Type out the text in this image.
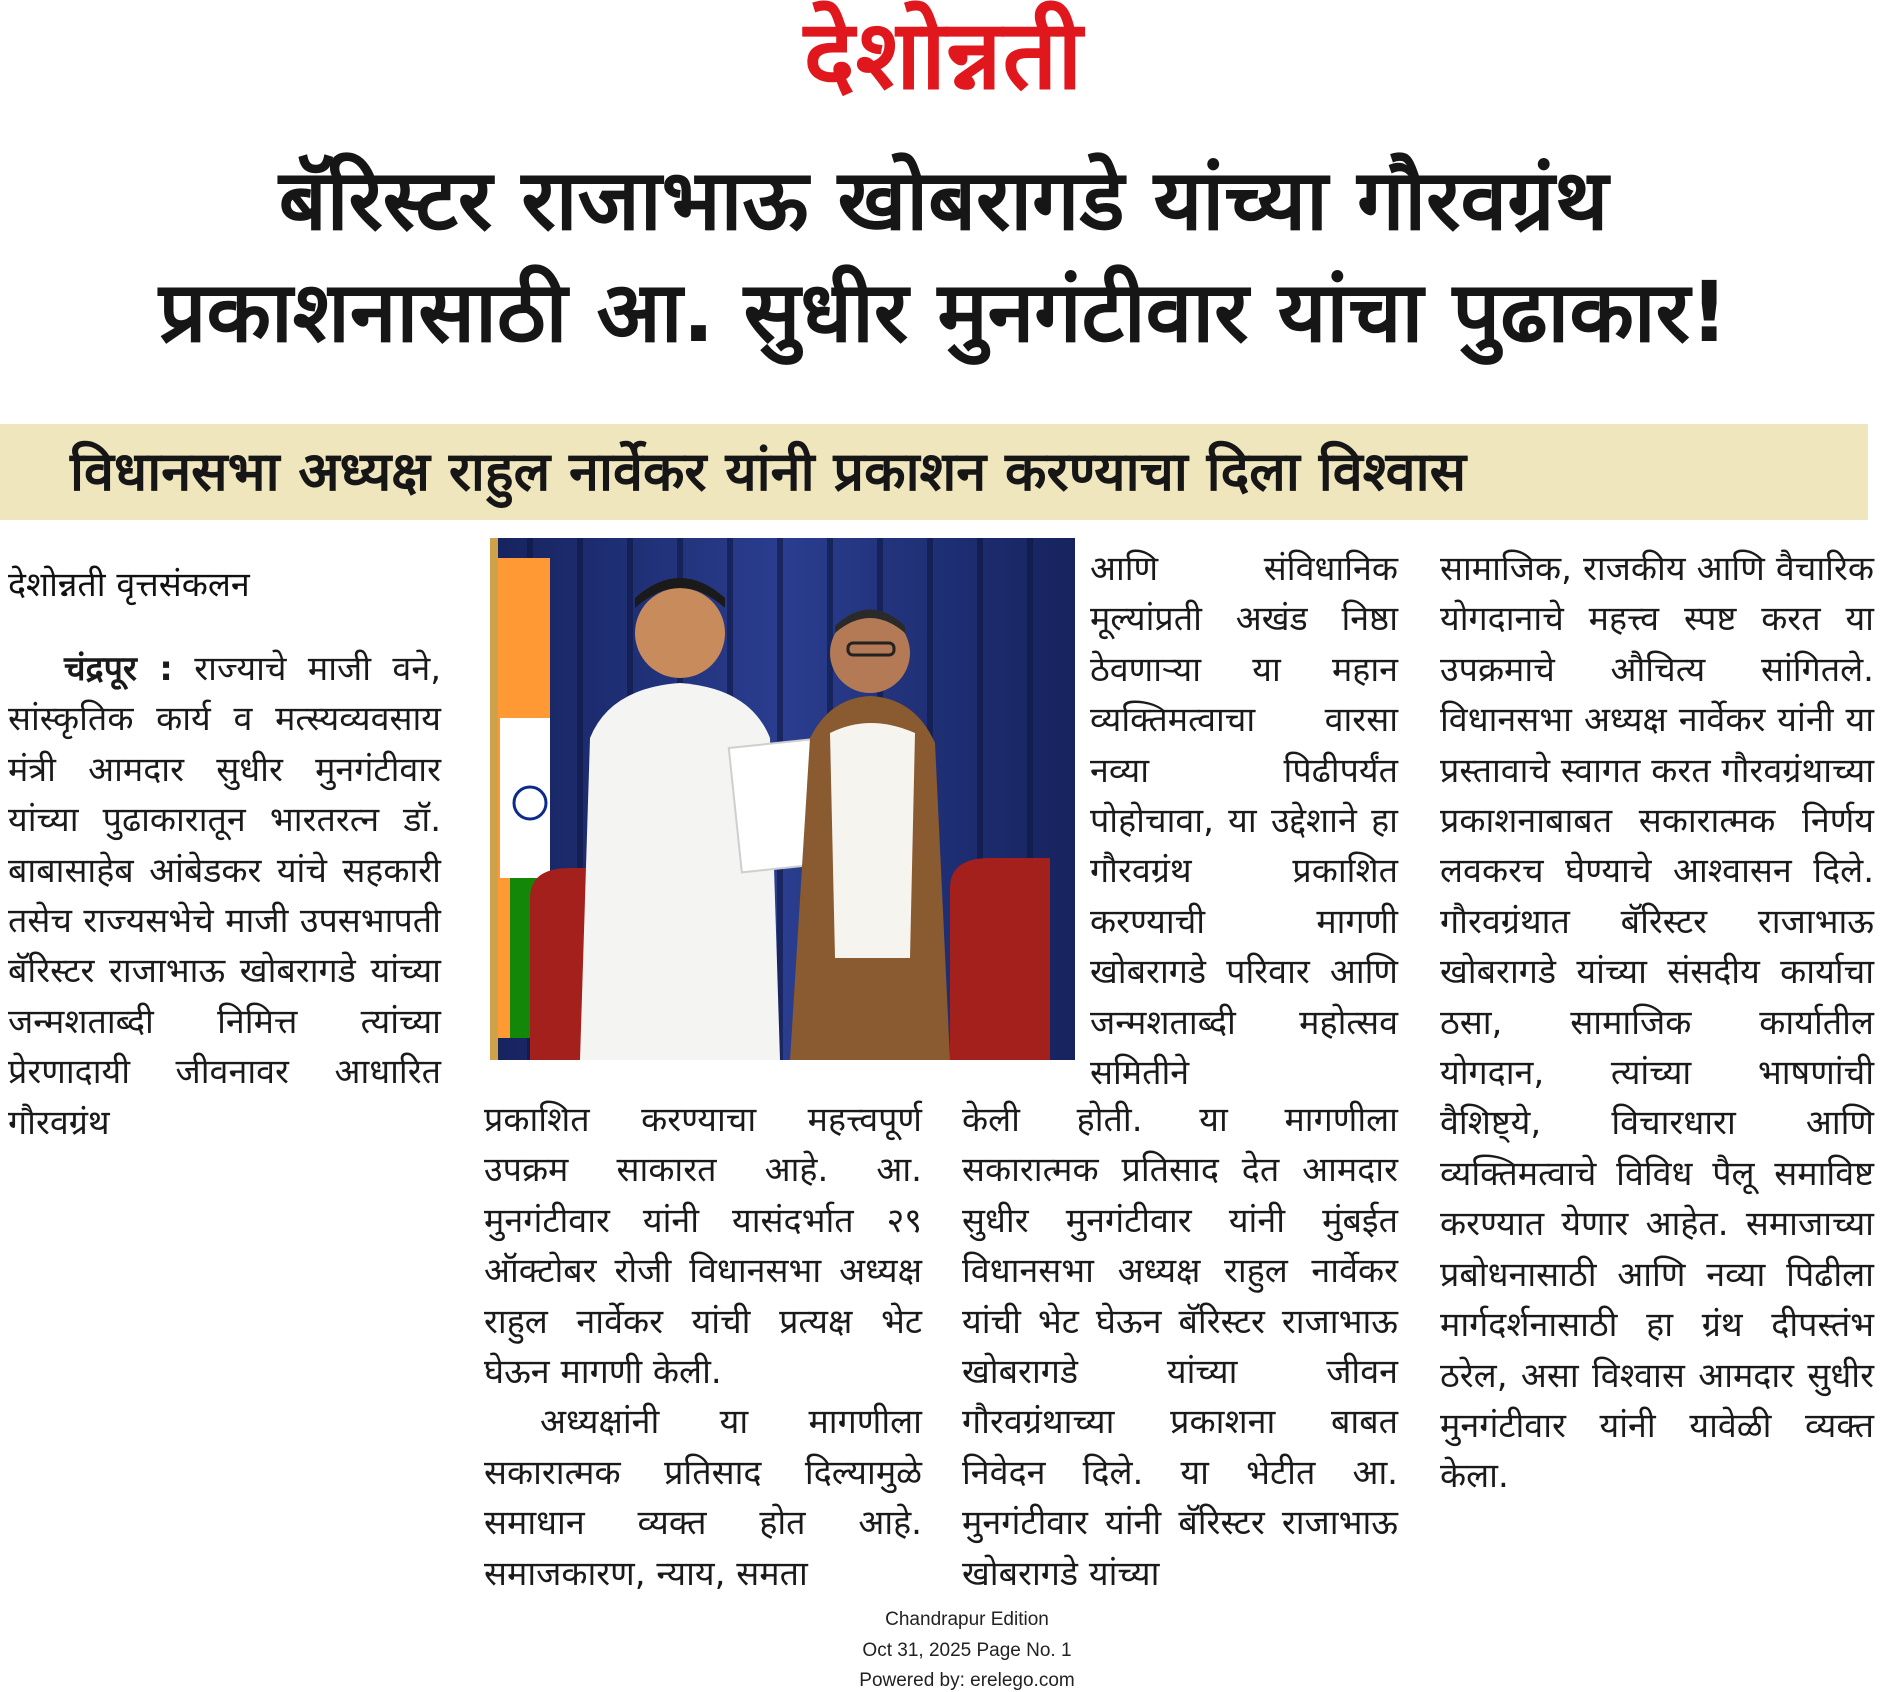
देशोन्नती
बॅरिस्टर राजाभाऊ खोबरागडे यांच्या गौरवग्रंथ
प्रकाशनासाठी आ. सुधीर मुनगंटीवार यांचा पुढाकार!
विधानसभा अध्यक्ष राहुल नार्वेकर यांनी प्रकाशन करण्याचा दिला विश्वास
देशोन्नती वृत्तसंकलन

चंद्रपूर : राज्याचे माजी वने, सांस्कृतिक कार्य व मत्स्यव्यवसाय मंत्री आमदार सुधीर मुनगंटीवार यांच्या पुढाकारातून भारतरत्न डॉ. बाबासाहेब आंबेडकर यांचे सहकारी तसेच राज्यसभेचे माजी उपसभापती बॅरिस्टर राजाभाऊ खोबरागडे यांच्या जन्मशताब्दी निमित्त त्यांच्या प्रेरणादायी जीवनावर आधारित गौरवग्रंथ	प्रकाशित करण्याचा महत्त्वपूर्ण उपक्रम साकारत आहे. आ. मुनगंटीवार यांनी यासंदर्भात २९ ऑक्टोबर रोजी विधानसभा अध्यक्ष राहुल नार्वेकर यांची प्रत्यक्ष भेट घेऊन मागणी केली.

अध्यक्षांनी या मागणीला सकारात्मक प्रतिसाद दिल्यामुळे समाधान व्यक्त होत आहे. समाजकारण, न्याय, समता

आणि संविधानिक मूल्यांप्रती अखंड निष्ठा ठेवणाऱ्या या महान व्यक्तिमत्वाचा वारसा नव्या पिढीपर्यंत पोहोचावा, या उद्देशाने हा गौरवग्रंथ प्रकाशित करण्याची मागणी खोबरागडे परिवार आणि जन्मशताब्दी महोत्सव समितीने

केली होती. या मागणीला सकारात्मक प्रतिसाद देत आमदार सुधीर मुनगंटीवार यांनी मुंबईत विधानसभा अध्यक्ष राहुल नार्वेकर यांची भेट घेऊन बॅरिस्टर राजाभाऊ खोबरागडे यांच्या जीवन गौरवग्रंथाच्या प्रकाशना बाबत निवेदन दिले. या भेटीत आ. मुनगंटीवार यांनी बॅरिस्टर राजाभाऊ खोबरागडे यांच्या

सामाजिक, राजकीय आणि वैचारिक योगदानाचे महत्त्व स्पष्ट करत या उपक्रमाचे औचित्य सांगितले. विधानसभा अध्यक्ष नार्वेकर यांनी या प्रस्तावाचे स्वागत करत गौरवग्रंथाच्या प्रकाशनाबाबत सकारात्मक निर्णय लवकरच घेण्याचे आश्वासन दिले. गौरवग्रंथात बॅरिस्टर राजाभाऊ खोबरागडे यांच्या संसदीय कार्याचा ठसा, सामाजिक कार्यातील योगदान, त्यांच्या भाषणांची वैशिष्ट्ये, विचारधारा आणि व्यक्तिमत्वाचे विविध पैलू समाविष्ट करण्यात येणार आहेत. समाजाच्या प्रबोधनासाठी आणि नव्या पिढीला मार्गदर्शनासाठी हा ग्रंथ दीपस्तंभ ठरेल, असा विश्वास आमदार सुधीर मुनगंटीवार यांनी यावेळी व्यक्त केला.

Chandrapur Edition
Oct 31, 2025 Page No. 1
Powered by: erelego.com
